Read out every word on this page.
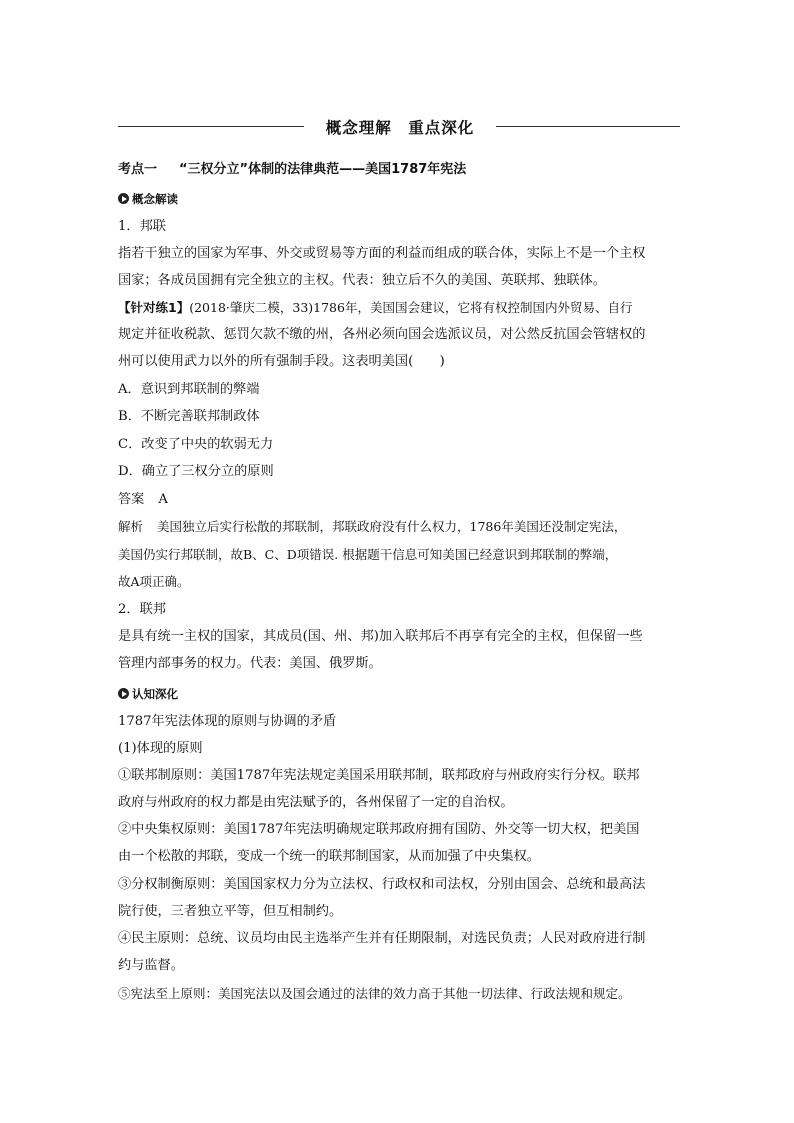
概念理解　重点深化
考点一 “三权分立”体制的法律典范——美国1787年宪法
概念解读
1．邦联
指若干独立的国家为军事、外交或贸易等方面的利益而组成的联合体，实际上不是一个主权
国家；各成员国拥有完全独立的主权。代表：独立后不久的美国、英联邦、独联体。
【针对练1】(2018·肇庆二模，33)1786年，美国国会建议，它将有权控制国内外贸易、自行
规定并征收税款、惩罚欠款不缴的州，各州必须向国会选派议员，对公然反抗国会管辖权的
州可以使用武力以外的所有强制手段。这表明美国(　　)
A．意识到邦联制的弊端
B．不断完善联邦制政体
C．改变了中央的软弱无力
D．确立了三权分立的原则
答案 A
解析 美国独立后实行松散的邦联制，邦联政府没有什么权力，1786年美国还没制定宪法，
美国仍实行邦联制，故B、C、D项错误. 根据题干信息可知美国已经意识到邦联制的弊端，
故A项正确。
2．联邦
是具有统一主权的国家，其成员(国、州、邦)加入联邦后不再享有完全的主权，但保留一些
管理内部事务的权力。代表：美国、俄罗斯。
认知深化
1787年宪法体现的原则与协调的矛盾
(1)体现的原则
①联邦制原则：美国1787年宪法规定美国采用联邦制，联邦政府与州政府实行分权。联邦
政府与州政府的权力都是由宪法赋予的，各州保留了一定的自治权。
②中央集权原则：美国1787年宪法明确规定联邦政府拥有国防、外交等一切大权，把美国
由一个松散的邦联，变成一个统一的联邦制国家，从而加强了中央集权。
③分权制衡原则：美国国家权力分为立法权、行政权和司法权，分别由国会、总统和最高法
院行使，三者独立平等，但互相制约。
④民主原则：总统、议员均由民主选举产生并有任期限制，对选民负责；人民对政府进行制
约与监督。
⑤宪法至上原则：美国宪法以及国会通过的法律的效力高于其他一切法律、行政法规和规定。
